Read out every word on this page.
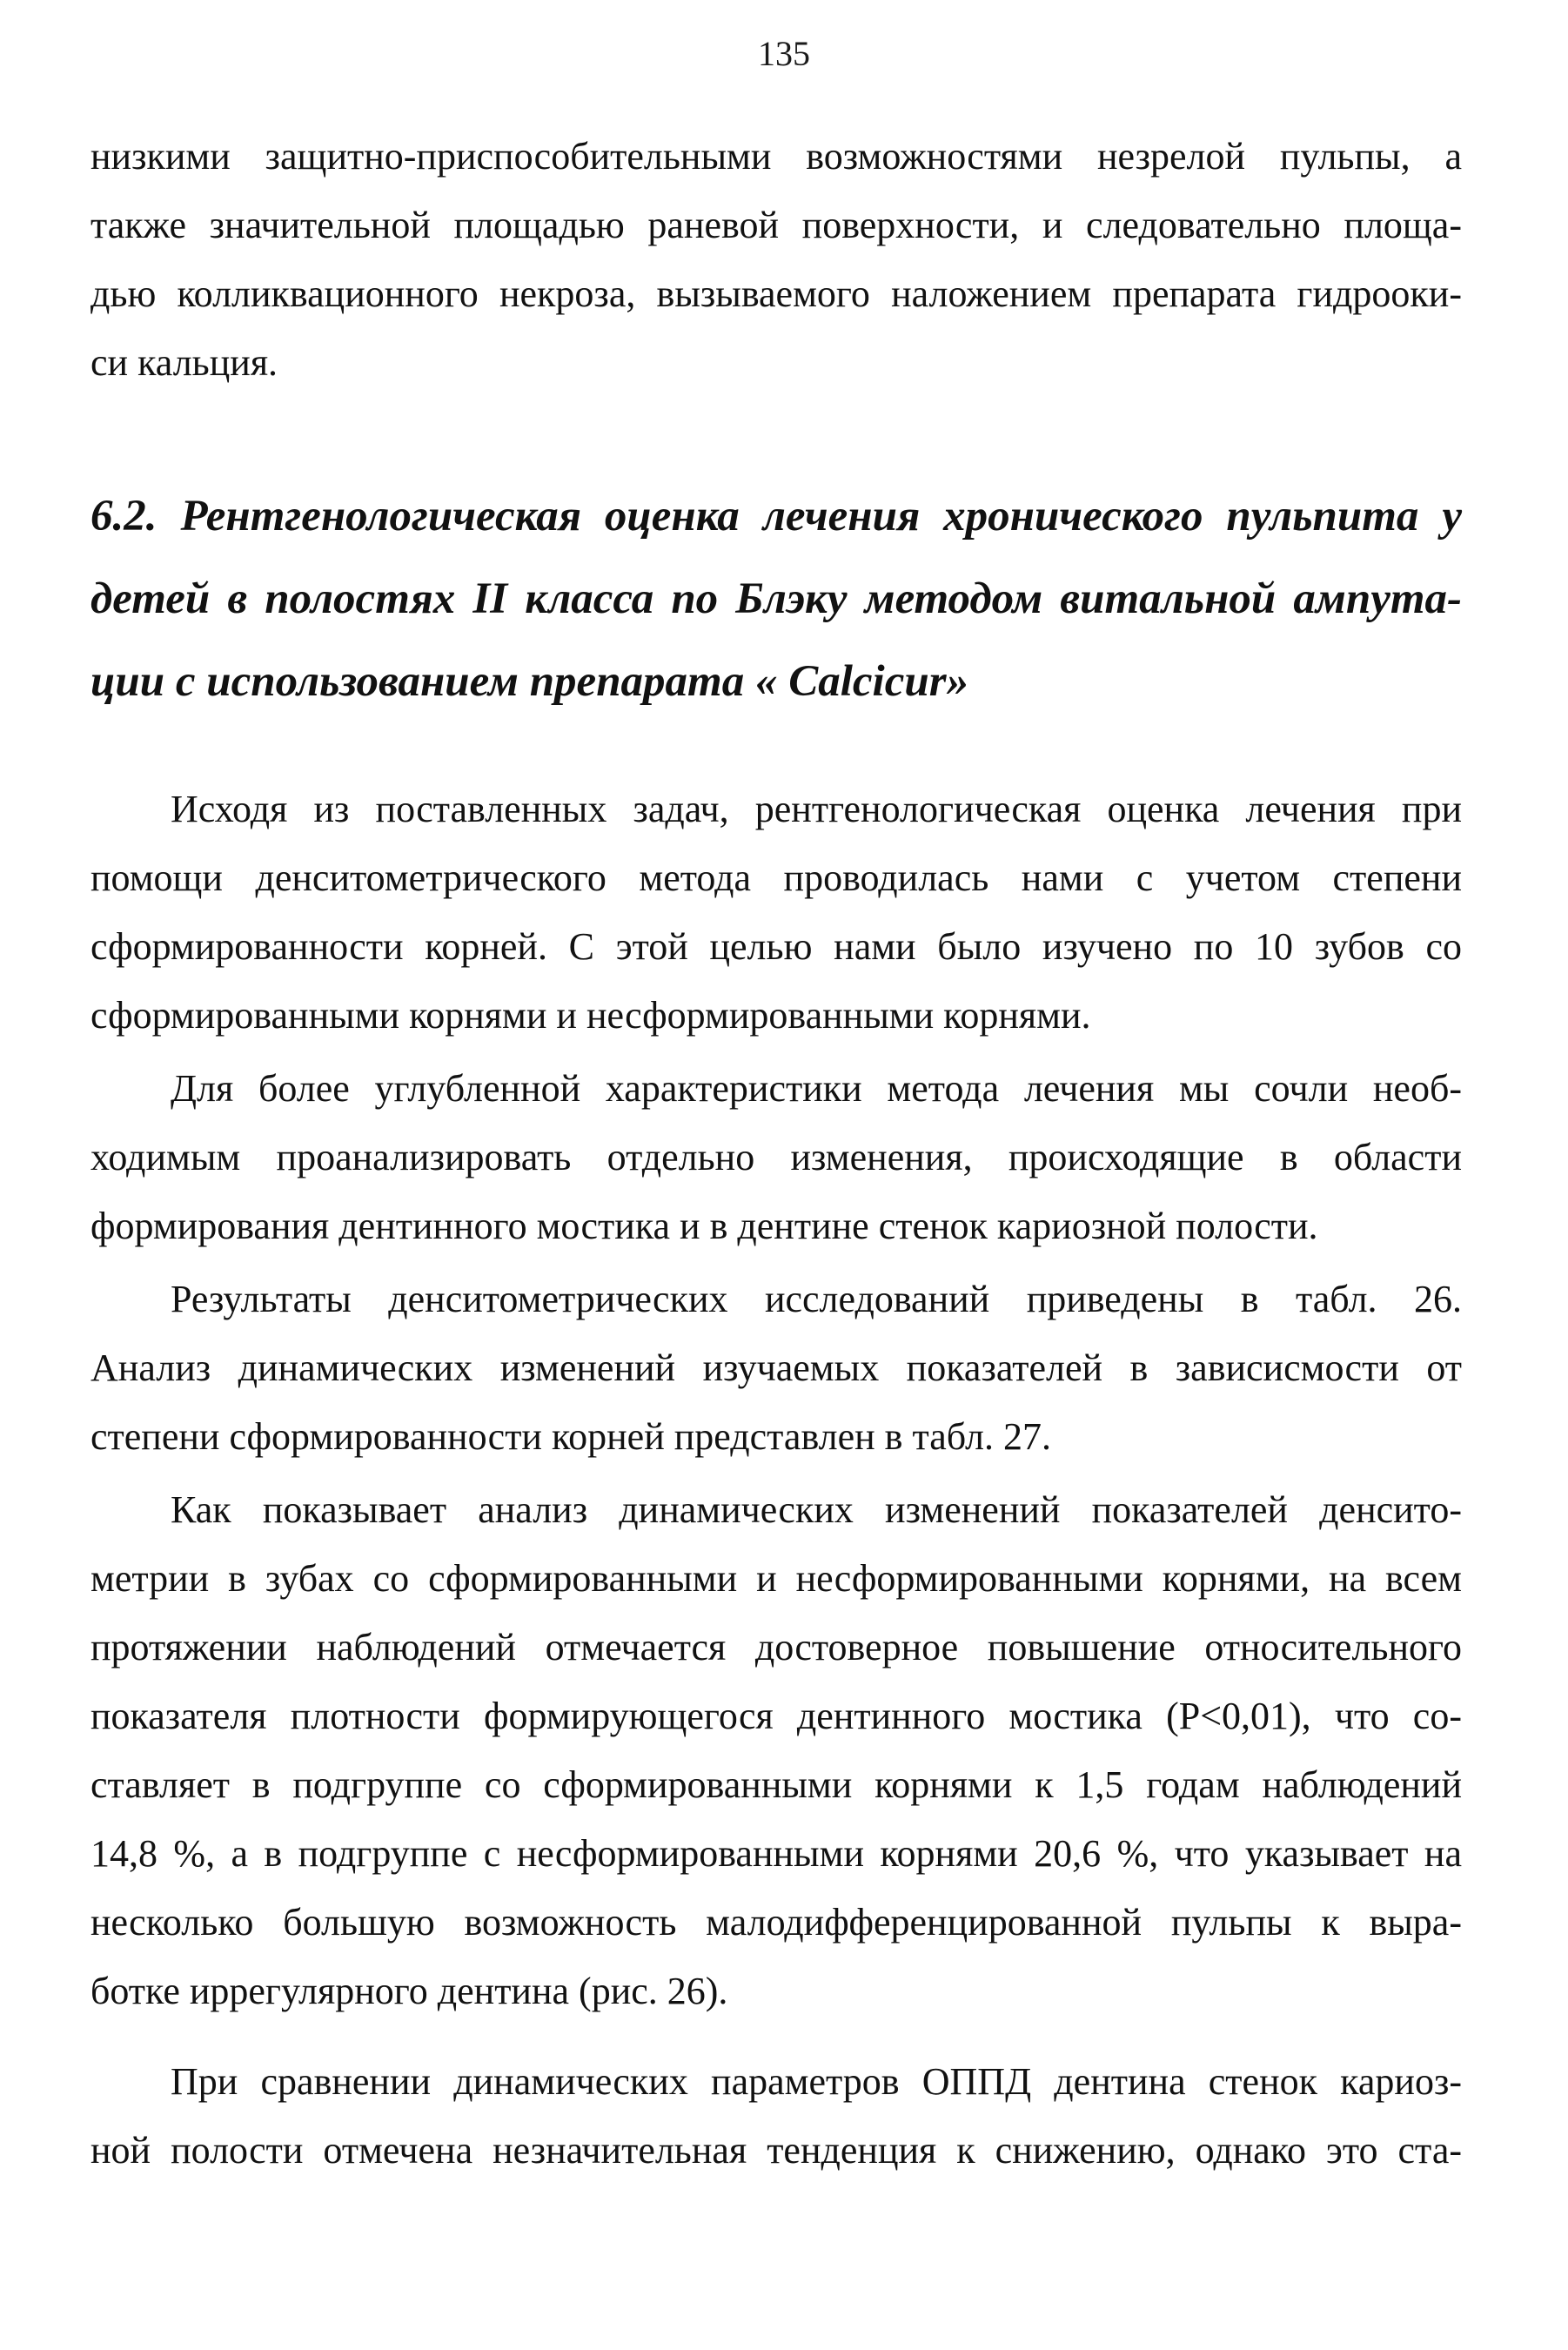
135
низкими защитно-приспособительными возможностями незрелой пульпы, а
также значительной площадью раневой поверхности, и следовательно площа-
дью колликвационного некроза, вызываемого наложением препарата гидрооки-
си кальция.
6.2. Рентгенологическая оценка лечения хронического пульпита у
детей в полостях II класса по Блэку методом витальной ампута-
ции с использованием препарата « Calcicur»
Исходя из поставленных задач, рентгенологическая оценка лечения при
помощи денситометрического метода проводилась нами с учетом степени
сформированности корней. С этой целью нами было изучено по 10 зубов со
сформированными корнями и несформированными корнями.
Для более углубленной характеристики метода лечения мы сочли необ-
ходимым проанализировать отдельно изменения, происходящие в области
формирования дентинного мостика и в дентине стенок кариозной полости.
Результаты денситометрических исследований приведены в табл. 26.
Анализ динамических изменений изучаемых показателей в зависисмости от
степени сформированности корней представлен в табл. 27.
Как показывает анализ динамических изменений показателей денсито-
метрии в зубах со сформированными и несформированными корнями, на всем
протяжении наблюдений отмечается достоверное повышение относительного
показателя плотности формирующегося дентинного мостика (P<0,01), что со-
ставляет в подгруппе со сформированными корнями к 1,5 годам наблюдений
14,8 %, а в подгруппе с несформированными корнями 20,6 %, что указывает на
несколько большую возможность малодифференцированной пульпы к выра-
ботке иррегулярного дентина (рис. 26).
При сравнении динамических параметров ОППД дентина стенок кариоз-
ной полости отмечена незначительная тенденция к снижению, однако это ста-
